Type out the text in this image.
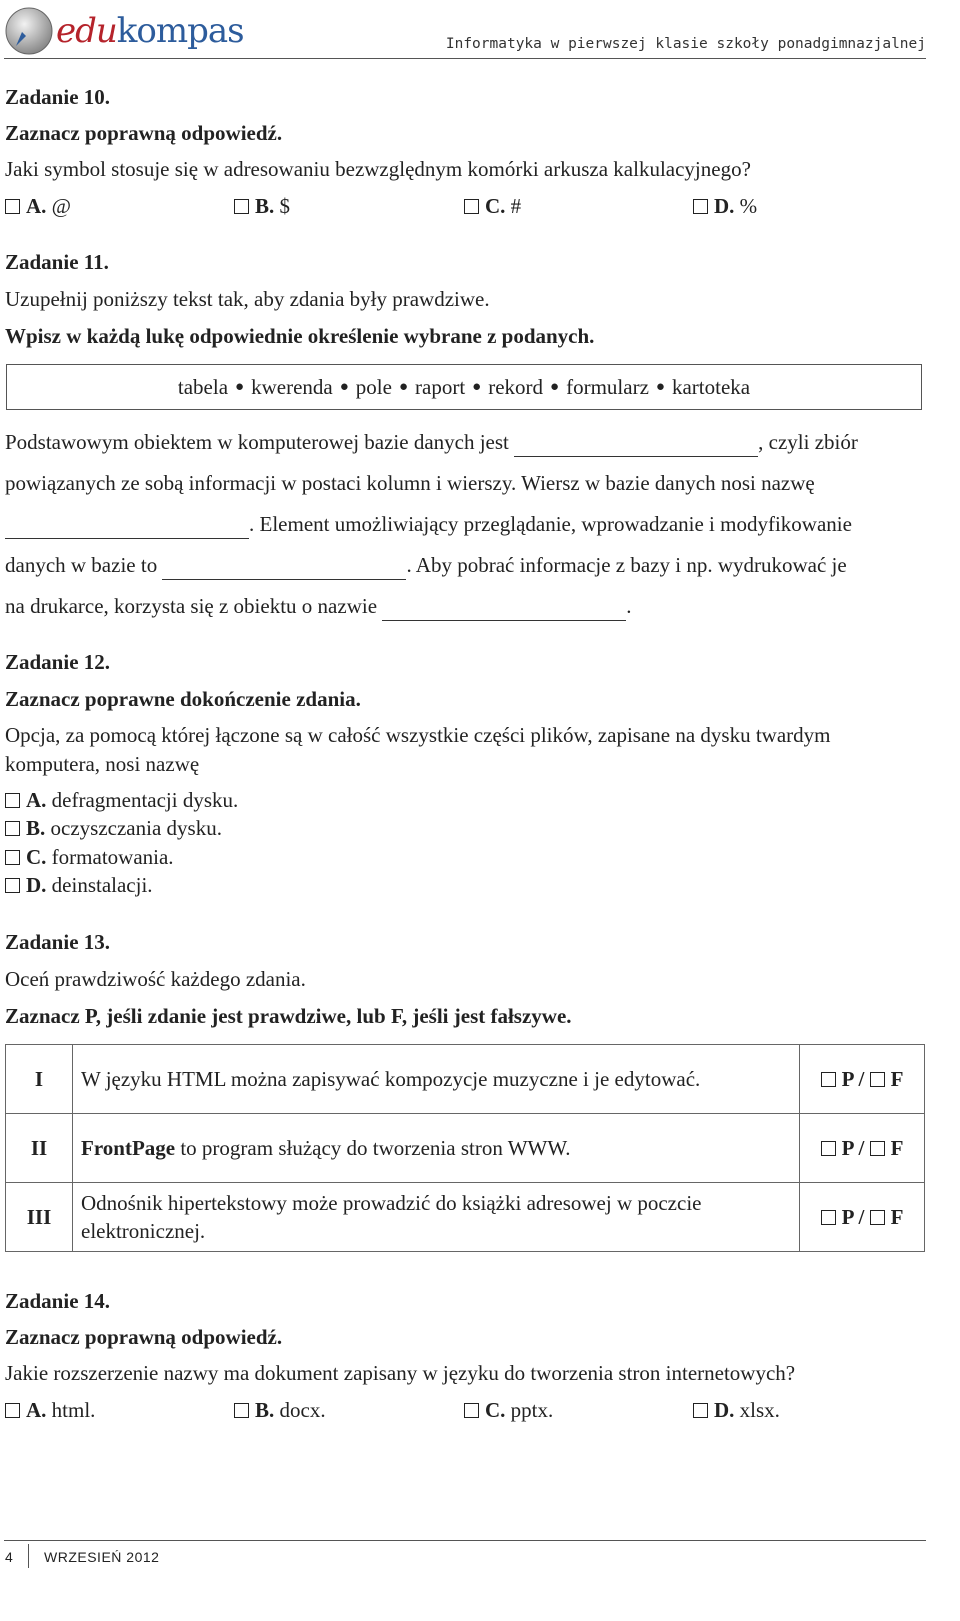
edukompas	Informatyka w pierwszej klasie szkoły ponadgimnazjalnej
Zadanie 10.
Zaznacz poprawną odpowiedź.
Jaki symbol stosuje się w adresowaniu bezwzględnym komórki arkusza kalkulacyjnego?
A. @	B. $	C. #	D. %
Zadanie 11.
Uzupełnij poniższy tekst tak, aby zdania były prawdziwe.
Wpisz w każdą lukę odpowiednie określenie wybrane z podanych.
tabela ● kwerenda ● pole ● raport ● rekord ● formularz ● kartoteka
Podstawowym obiektem w komputerowej bazie danych jest	, czyli zbiór
powiązanych ze sobą informacji w postaci kolumn i wierszy. Wiersz w bazie danych nosi nazwę
. Element umożliwiający przeglądanie, wprowadzanie i modyfikowanie
danych w bazie to	. Aby pobrać informacje z bazy i np. wydrukować je
na drukarce, korzysta się z obiektu o nazwie	.
Zadanie 12.
Zaznacz poprawne dokończenie zdania.
Opcja, za pomocą której łączone są w całość wszystkie części plików, zapisane na dysku twardym
komputera, nosi nazwę
A. defragmentacji dysku.
B. oczyszczania dysku.
C. formatowania.
D. deinstalacji.
Zadanie 13.
Oceń prawdziwość każdego zdania.
Zaznacz P, jeśli zdanie jest prawdziwe, lub F, jeśli jest fałszywe.
I	W języku HTML można zapisywać kompozycje muzyczne i je edytować.	P / F
II	FrontPage to program służący do tworzenia stron WWW.	P / F
III	Odnośnik hipertekstowy może prowadzić do książki adresowej w poczcie elektronicznej.	P / F
Zadanie 14.
Zaznacz poprawną odpowiedź.
Jakie rozszerzenie nazwy ma dokument zapisany w języku do tworzenia stron internetowych?
A. html.	B. docx.	C. pptx.	D. xlsx.
4 WRZESIEŃ 2012
